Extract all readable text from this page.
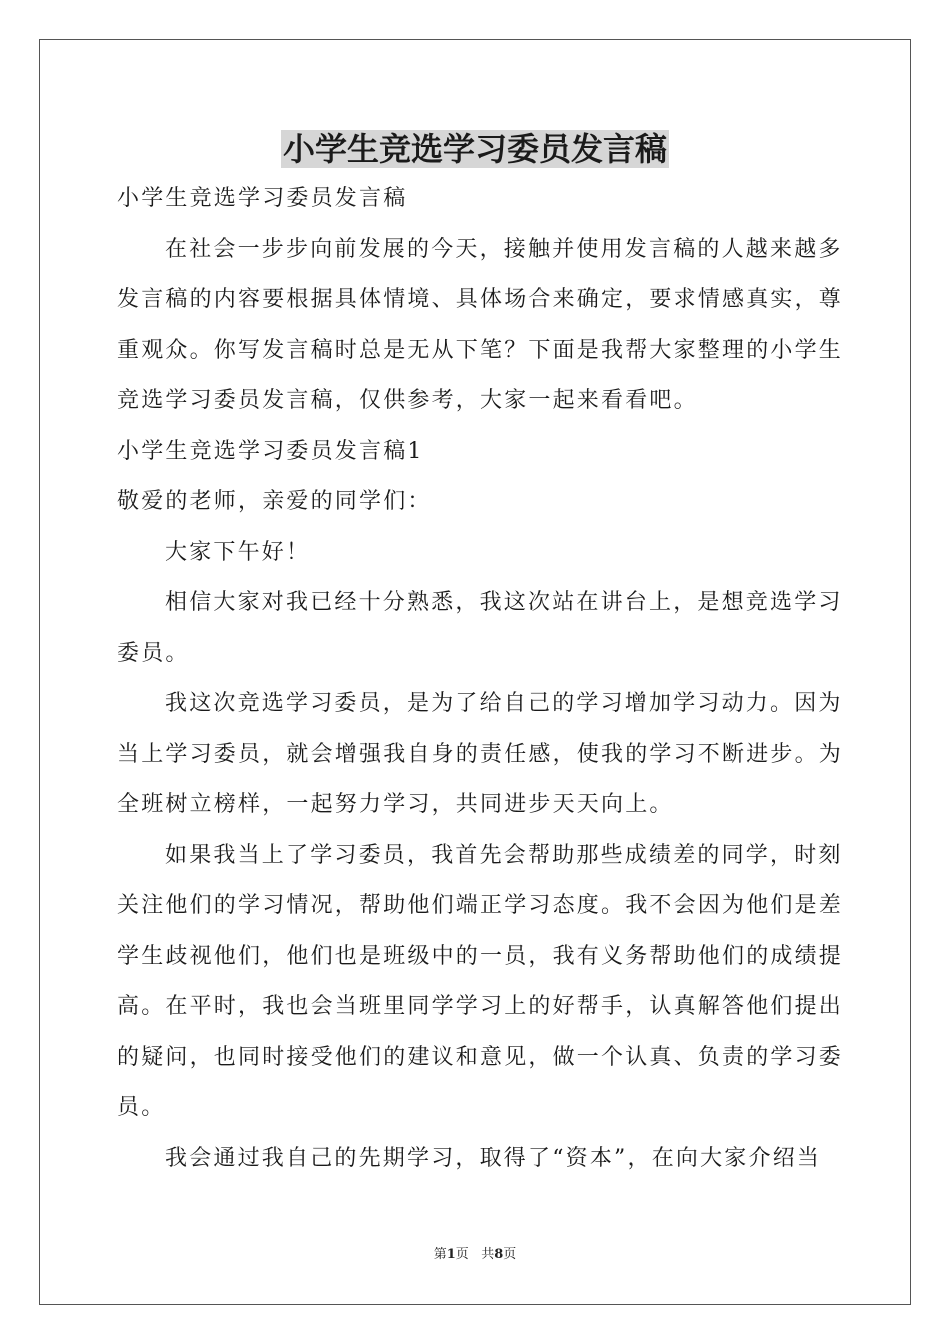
小学生竞选学习委员发言稿

小学生竞选学习委员发言稿

在社会一步步向前发展的今天，接触并使用发言稿的人越来越多

发言稿的内容要根据具体情境、具体场合来确定，要求情感真实，尊

重观众。你写发言稿时总是无从下笔？下面是我帮大家整理的小学生

竞选学习委员发言稿，仅供参考，大家一起来看看吧。

小学生竞选学习委员发言稿1

敬爱的老师，亲爱的同学们：

大家下午好！

相信大家对我已经十分熟悉，我这次站在讲台上，是想竞选学习

委员。

我这次竞选学习委员，是为了给自己的学习增加学习动力。因为

当上学习委员，就会增强我自身的责任感，使我的学习不断进步。为

全班树立榜样，一起努力学习，共同进步天天向上。

如果我当上了学习委员，我首先会帮助那些成绩差的同学，时刻

关注他们的学习情况，帮助他们端正学习态度。我不会因为他们是差

学生歧视他们，他们也是班级中的一员，我有义务帮助他们的成绩提

高。在平时，我也会当班里同学学习上的好帮手，认真解答他们提出

的疑问，也同时接受他们的建议和意见，做一个认真、负责的学习委

员。

我会通过我自己的先期学习，取得了“资本”，在向大家介绍当

第1页 共8页
